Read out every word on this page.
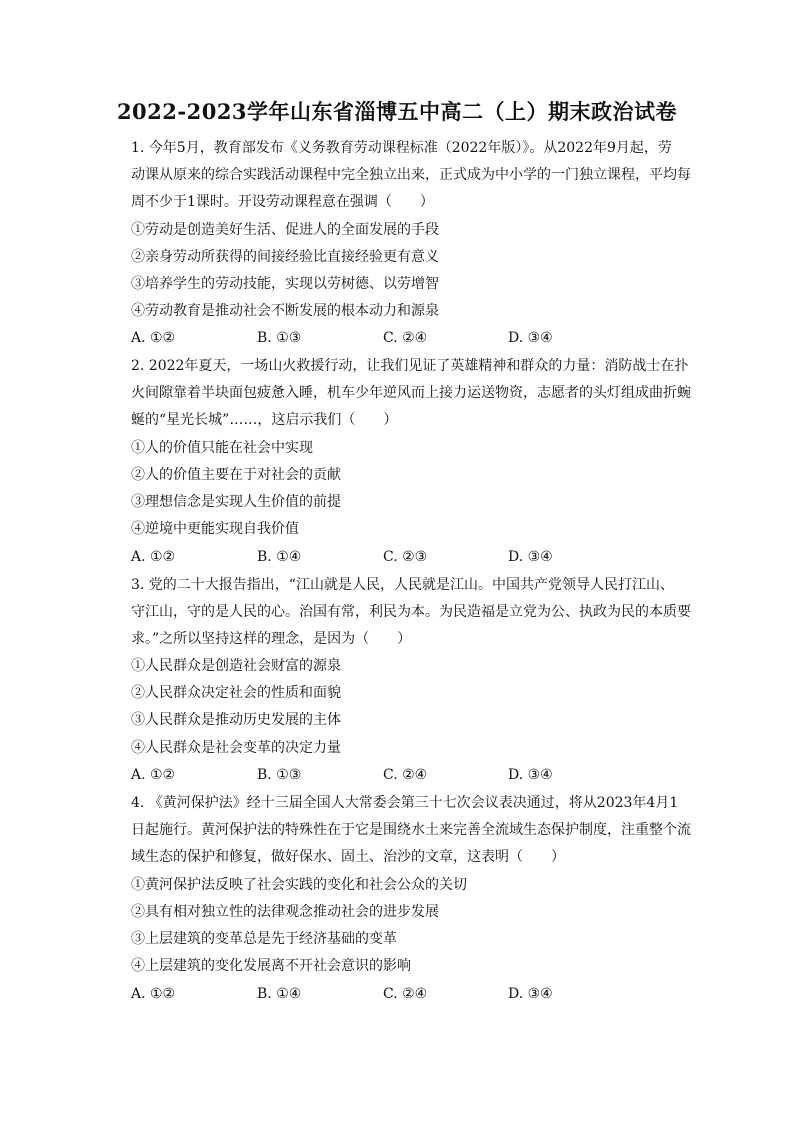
2022-2023学年山东省淄博五中高二（上）期末政治试卷
1. 今年5月，教育部发布《义务教育劳动课程标准（2022年版）》。从2022年9月起，劳
动课从原来的综合实践活动课程中完全独立出来，正式成为中小学的一门独立课程，平均每
周不少于1课时。开设劳动课程意在强调（　　）
①劳动是创造美好生活、促进人的全面发展的手段
②亲身劳动所获得的间接经验比直接经验更有意义
③培养学生的劳动技能，实现以劳树德、以劳增智
④劳动教育是推动社会不断发展的根本动力和源泉
A. ①②	B. ①③	C. ②④	D. ③④
2. 2022年夏天，一场山火救援行动，让我们见证了英雄精神和群众的力量：消防战士在扑
火间隙靠着半块面包疲惫入睡，机车少年逆风而上接力运送物资，志愿者的头灯组成曲折蜿
蜒的“星光长城”……，这启示我们（　　）
①人的价值只能在社会中实现
②人的价值主要在于对社会的贡献
③理想信念是实现人生价值的前提
④逆境中更能实现自我价值
A. ①②	B. ①④	C. ②③	D. ③④
3. 党的二十大报告指出，“江山就是人民，人民就是江山。中国共产党领导人民打江山、
守江山，守的是人民的心。治国有常，利民为本。为民造福是立党为公、执政为民的本质要
求。”之所以坚持这样的理念，是因为（　　）
①人民群众是创造社会财富的源泉
②人民群众决定社会的性质和面貌
③人民群众是推动历史发展的主体
④人民群众是社会变革的决定力量
A. ①②	B. ①③	C. ②④	D. ③④
4. 《黄河保护法》经十三届全国人大常委会第三十七次会议表决通过，将从2023年4月1
日起施行。黄河保护法的特殊性在于它是围绕水土来完善全流域生态保护制度，注重整个流
域生态的保护和修复，做好保水、固土、治沙的文章，这表明（　　）
①黄河保护法反映了社会实践的变化和社会公众的关切
②具有相对独立性的法律观念推动社会的进步发展
③上层建筑的变革总是先于经济基础的变革
④上层建筑的变化发展离不开社会意识的影响
A. ①②	B. ①④	C. ②④	D. ③④
